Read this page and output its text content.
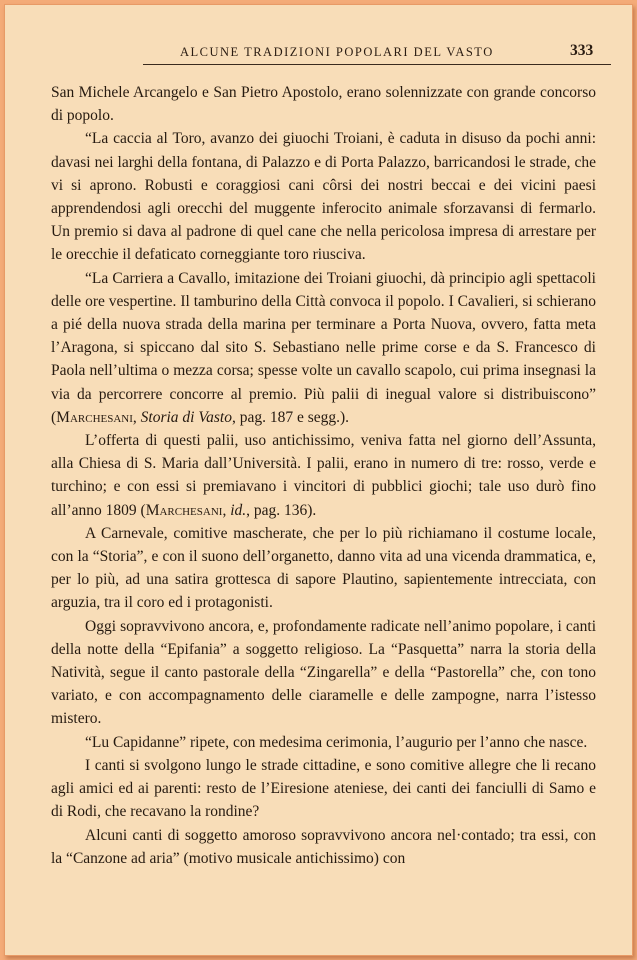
ALCUNE TRADIZIONI POPOLARI DEL VASTO	333

San Michele Arcangelo e San Pietro Apostolo, erano solennizzate con grande concorso di popolo.

“La caccia al Toro, avanzo dei giuochi Troiani, è caduta in disuso da pochi anni: davasi nei larghi della fontana, di Palazzo e di Porta Palazzo, barricandosi le strade, che vi si aprono. Robusti e coraggiosi cani côrsi dei nostri beccai e dei vicini paesi apprendendosi agli orecchi del muggente inferocito animale sforzavansi di fermarlo. Un premio si dava al padrone di quel cane che nella pericolosa impresa di arrestare per le orecchie il defaticato corneggiante toro riusciva.

“La Carriera a Cavallo, imitazione dei Troiani giuochi, dà principio agli spettacoli delle ore vespertine. Il tamburino della Città convoca il popolo. I Cavalieri, si schierano a pié della nuova strada della marina per terminare a Porta Nuova, ovvero, fatta meta l’Aragona, si spiccano dal sito S. Sebastiano nelle prime corse e da S. Francesco di Paola nell’ultima o mezza corsa; spesse volte un cavallo scapolo, cui prima insegnasi la via da percorrere concorre al premio. Più palii di inegual valore si distribuiscono” (Marchesani, Storia di Vasto, pag. 187 e segg.).

L’offerta di questi palii, uso antichissimo, veniva fatta nel giorno dell’Assunta, alla Chiesa di S. Maria dall’Università. I palii, erano in numero di tre: rosso, verde e turchino; e con essi si premiavano i vincitori di pubblici giochi; tale uso durò fino all’anno 1809 (Marchesani, id., pag. 136).

A Carnevale, comitive mascherate, che per lo più richiamano il costume locale, con la “Storia”, e con il suono dell’organetto, danno vita ad una vicenda drammatica, e, per lo più, ad una satira grottesca di sapore Plautino, sapientemente intrecciata, con arguzia, tra il coro ed i protagonisti.

Oggi sopravvivono ancora, e, profondamente radicate nell’animo popolare, i canti della notte della “Epifania” a soggetto religioso. La “Pasquetta” narra la storia della Natività, segue il canto pastorale della “Zingarella” e della “Pastorella” che, con tono variato, e con accompagnamento delle ciaramelle e delle zampogne, narra l’istesso mistero.

“Lu Capidanne” ripete, con medesima cerimonia, l’augurio per l’anno che nasce.

I canti si svolgono lungo le strade cittadine, e sono comitive allegre che li recano agli amici ed ai parenti: resto de l’Eiresione ateniese, dei canti dei fanciulli di Samo e di Rodi, che recavano la rondine?

Alcuni canti di soggetto amoroso sopravvivono ancora nel·contado; tra essi, con la “Canzone ad aria” (motivo musicale antichissimo) con
